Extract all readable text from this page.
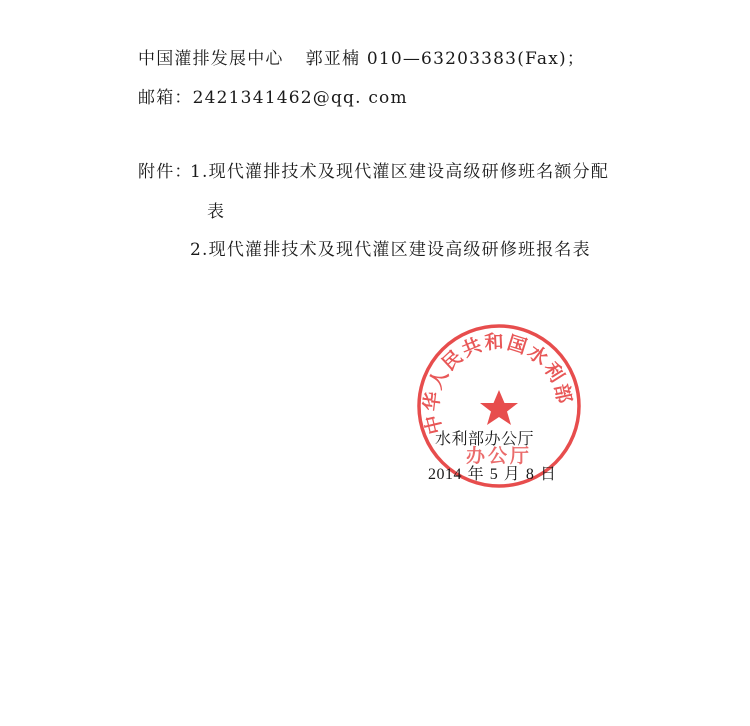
中国灌排发展中心 郭亚楠 010—63203383(Fax)；
邮箱：2421341462@qq. com
附件：
1.现代灌排技术及现代灌区建设高级研修班名额分配
表
2.现代灌排技术及现代灌区建设高级研修班报名表
中华人民共和国水利部
办公厅
水利部办公厅
2014 年 5 月 8 日
